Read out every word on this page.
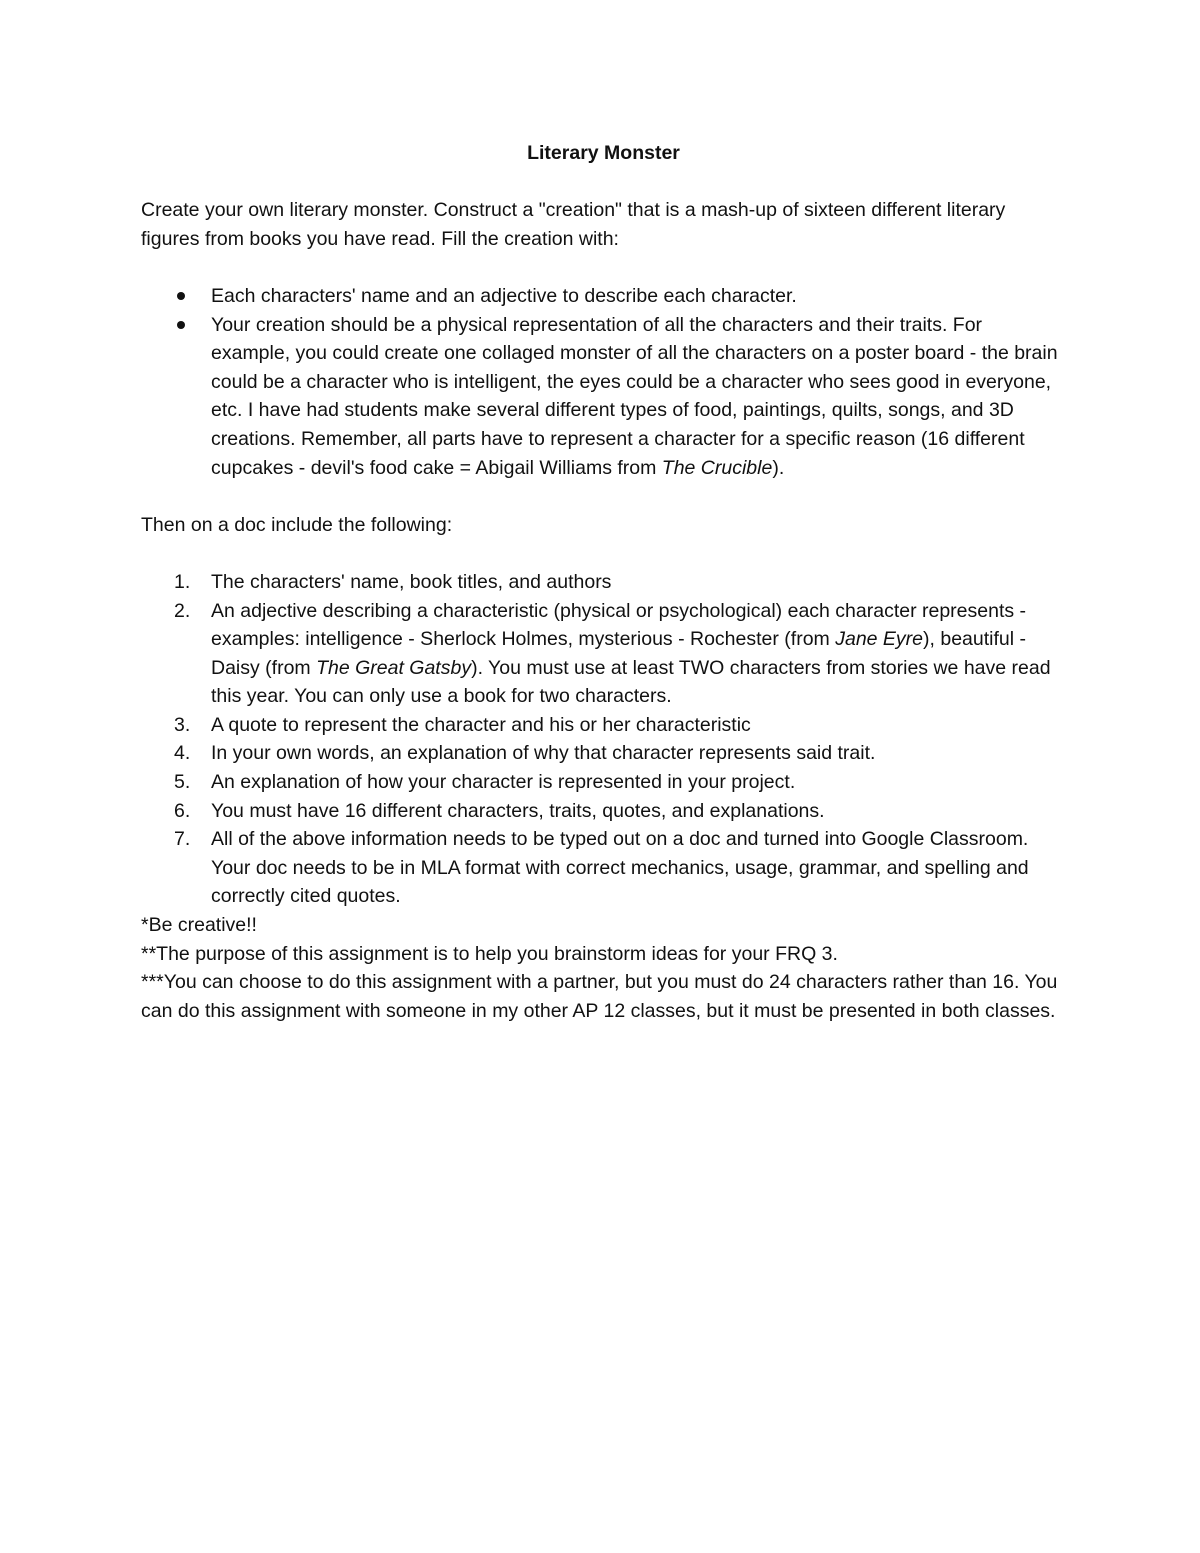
Literary Monster

Create your own literary monster. Construct a "creation" that is a mash-up of sixteen different literary figures from books you have read. Fill the creation with:

Each characters' name and an adjective to describe each character.
Your creation should be a physical representation of all the characters and their traits. For example, you could create one collaged monster of all the characters on a poster board - the brain could be a character who is intelligent, the eyes could be a character who sees good in everyone, etc. I have had students make several different types of food, paintings, quilts, songs, and 3D creations. Remember, all parts have to represent a character for a specific reason (16 different cupcakes - devil's food cake = Abigail Williams from The Crucible).

Then on a doc include the following:

1. The characters' name, book titles, and authors
2. An adjective describing a characteristic (physical or psychological) each character represents - examples: intelligence - Sherlock Holmes, mysterious - Rochester (from Jane Eyre), beautiful - Daisy (from The Great Gatsby). You must use at least TWO characters from stories we have read this year. You can only use a book for two characters.
3. A quote to represent the character and his or her characteristic
4. In your own words, an explanation of why that character represents said trait.
5. An explanation of how your character is represented in your project.
6. You must have 16 different characters, traits, quotes, and explanations.
7. All of the above information needs to be typed out on a doc and turned into Google Classroom. Your doc needs to be in MLA format with correct mechanics, usage, grammar, and spelling and correctly cited quotes.

*Be creative!!

**The purpose of this assignment is to help you brainstorm ideas for your FRQ 3.

***You can choose to do this assignment with a partner, but you must do 24 characters rather than 16. You can do this assignment with someone in my other AP 12 classes, but it must be presented in both classes.
